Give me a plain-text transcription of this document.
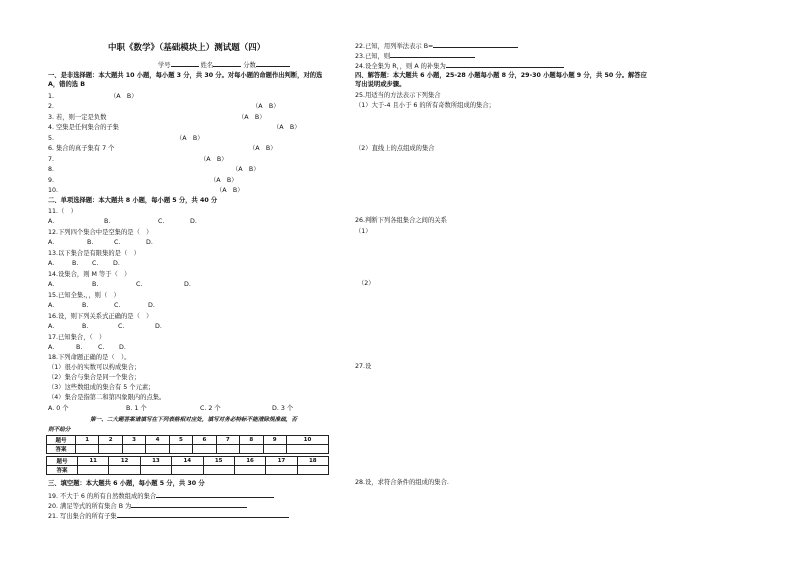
中职《数学》（基础模块上）测试题（四）
学号	姓名	分数
一、是非选择题：本大题共 10 小题，每小题 3 分，共 30 分。对每小题的命题作出判断，对的选
A，错的选 B
1.	（A　B）
2.	（A　B）
3. 若，则一定是负数	（A　B）
4. 空集是任何集合的子集	（A　B）
5.	（A　B）
6. 集合的真子集有 7 个	（A　B）
7.	（A　B）
8.	（A　B）
9.	（A　B）
10.	（A　B）
二、单项选择题：本大题共 8 小题，每小题 5 分，共 40 分
11.（　）
A.	B.	C.	D.
12.下列四个集合中是空集的是（　）
A.	B.	C.	D.
13.以下集合是有限集的是（　）
A.	B. C. D.
14.设集合，则 M 等于（　）
A.	B.	C.	D.
15.已知全集,，，则（　）
A.	B.	C.	D.
16.设，则下列关系式正确的是（　）
A.	B.	C.	D.
17.已知集合，（　）
A.	B. C. D.
18.下列命题正确的是（　）。
（1）很小的实数可以构成集合；
（2）集合与集合是同一个集合；
（3）这些数组成的集合有 5 个元素；
（4）集合是指第二和第四象限内的点集。
A. 0 个	B. 1 个	C. 2 个	D. 3 个
第一、二大题答案请填写在下列表格相对应处，填写对务必特标不能清除规准疏，否
则不给分
题号	1	2	3	4	5	6	7	8	9	10
答案										
题号	11	12	13	14	15	16	17	18
答案								
三、填空题：本大题共 6 小题，每小题 5 分，共 30 分
19. 不大于 6 的所有自然数组成的集合
20. 满足等式的所有集合 B 为
21. 写出集合的所有子集
22.已知，用列举法表示 B=
23.已知，则
24.设全集为 R，，则 A 的补集为
四、解答题：本大题共 6 小题，25-28 小题每小题 8 分，29-30 小题每小题 9 分，共 50 分。解答应
写出说明或步骤。
25.用适当的方法表示下列集合
（1）大于-4 且小于 6 的所有奇数所组成的集合；
（2）直线上的点组成的集合
26.判断下列各组集合之间的关系
（1）
（2）
27.设
28.设，求符合条件的组成的集合.
